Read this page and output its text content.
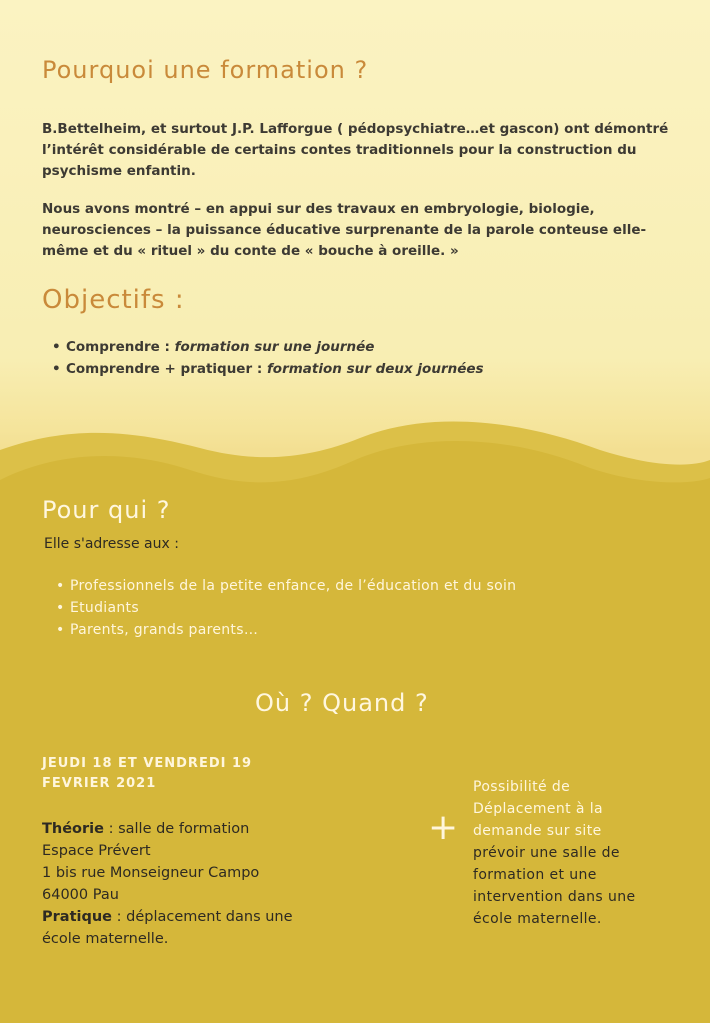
Pourquoi une formation ?

B.Bettelheim, et surtout J.P. Lafforgue ( pédopsychiatre…et gascon) ont démontré l’intérêt considérable de certains contes traditionnels pour la construction du psychisme enfantin.

Nous avons montré – en appui sur des travaux en embryologie, biologie, neurosciences – la puissance éducative surprenante de la parole conteuse elle-même et du « rituel » du conte de « bouche à oreille. »

Objectifs :
• Comprendre : formation sur une journée
• Comprendre + pratiquer : formation sur deux journées
Pour qui ?

Elle s'adresse aux :

• Professionnels de la petite enfance, de l’éducation et du soin
• Etudiants
• Parents, grands parents…
Où ? Quand ?

JEUDI 18 ET VENDREDI 19
FEVRIER 2021

Théorie : salle de formation
Espace Prévert
1 bis rue Monseigneur Campo
64000 Pau
Pratique : déplacement dans une
école maternelle.

+

Possibilité de
Déplacement à la
demande sur site
prévoir une salle de
formation et une
intervention dans une
école maternelle.
